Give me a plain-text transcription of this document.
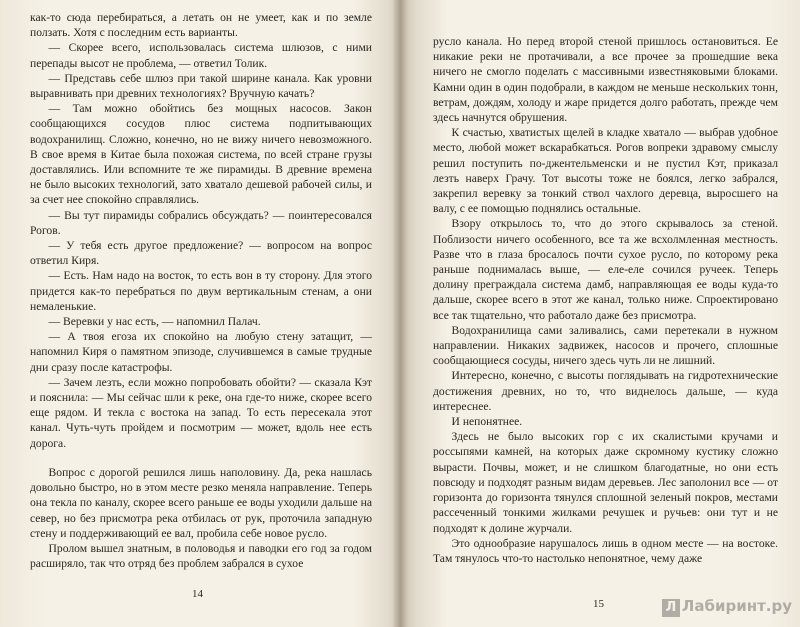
как-то сюда перебираться, а летать он не умеет, как и по земле ползать. Хотя с последним есть варианты.

— Скорее всего, использовалась система шлюзов, с ними перепады высот не проблема, — ответил Толик.

— Представь себе шлюз при такой ширине канала. Как уровни выравнивать при древних технологиях? Вручную качать?

— Там можно обойтись без мощных насосов. Закон сообщающихся сосудов плюс система подпитывающих водохранилищ. Сложно, конечно, но не вижу ничего невозможного. В свое время в Китае была похожая система, по всей стране грузы доставлялись. Или вспомните те же пирамиды. В древние времена не было высоких технологий, зато хватало дешевой рабочей силы, и за счет нее спокойно справлялись.

— Вы тут пирамиды собрались обсуждать? — поинтересовался Рогов.

— У тебя есть другое предложение? — вопросом на вопрос ответил Киря.

— Есть. Нам надо на восток, то есть вон в ту сторону. Для этого придется как-то перебраться по двум вертикальным стенам, а они немаленькие.

— Веревки у нас есть, — напомнил Палач.

— А твоя егоза их спокойно на любую стену затащит, — напомнил Киря о памятном эпизоде, случившемся в самые трудные дни сразу после катастрофы.

— Зачем лезть, если можно попробовать обойти? — сказала Кэт и пояснила: — Мы сейчас шли к реке, она где-то ниже, скорее всего еще рядом. И текла с востока на запад. То есть пересекала этот канал. Чуть-чуть пройдем и посмотрим — может, вдоль нее есть дорога.

Вопрос с дорогой решился лишь наполовину. Да, река нашлась довольно быстро, но в этом месте резко меняла направление. Теперь она текла по каналу, скорее всего раньше ее воды уходили дальше на север, но без присмотра река отбилась от рук, проточила западную стену и поддерживающий ее вал, пробила себе новое русло.

Пролом вышел знатным, в половодья и паводки его год за годом расширяло, так что отряд без проблем забрался в сухое

14

русло канала. Но перед второй стеной пришлось остановиться. Ее никакие реки не протачивали, а все прочее за прошедшие века ничего не смогло поделать с массивными известняковыми блоками. Камни один в один подобрали, в каждом не меньше нескольких тонн, ветрам, дождям, холоду и жаре придется долго работать, прежде чем здесь начнутся обрушения.

К счастью, хватистых щелей в кладке хватало — выбрав удобное место, любой может вскарабкаться. Рогов вопреки здравому смыслу решил поступить по-джентельменски и не пустил Кэт, приказал лезть наверх Грачу. Тот высоты тоже не боялся, легко забрался, закрепил веревку за тонкий ствол чахлого деревца, выросшего на валу, с ее помощью поднялись остальные.

Взору открылось то, что до этого скрывалось за стеной. Поблизости ничего особенного, все та же всхолмленная местность. Разве что в глаза бросалось почти сухое русло, по которому река раньше поднималась выше, — еле-еле сочился ручеек. Теперь долину преграждала система дамб, направляющая ее воды куда-то дальше, скорее всего в этот же канал, только ниже. Спроектировано все так тщательно, что работало даже без присмотра.

Водохранилища сами заливались, сами перетекали в нужном направлении. Никаких задвижек, насосов и прочего, сплошные сообщающиеся сосуды, ничего здесь чуть ли не лишний.

Интересно, конечно, с высоты поглядывать на гидротехнические достижения древних, но то, что виднелось дальше, — куда интереснее.

И непонятнее.

Здесь не было высоких гор с их скалистыми кручами и россыпями камней, на которых даже скромному кустику сложно вырасти. Почвы, может, и не слишком благодатные, но они есть повсюду и подходят разным видам деревьев. Лес заполонил все — от горизонта до горизонта тянулся сплошной зеленый покров, местами рассеченный тонкими жилками речушек и ручьев: они тут и не подходят к долине журчали.

Это однообразие нарушалось лишь в одном месте — на востоке. Там тянулось что-то настолько непонятное, чему даже

15	Л Лабиринт.ру
